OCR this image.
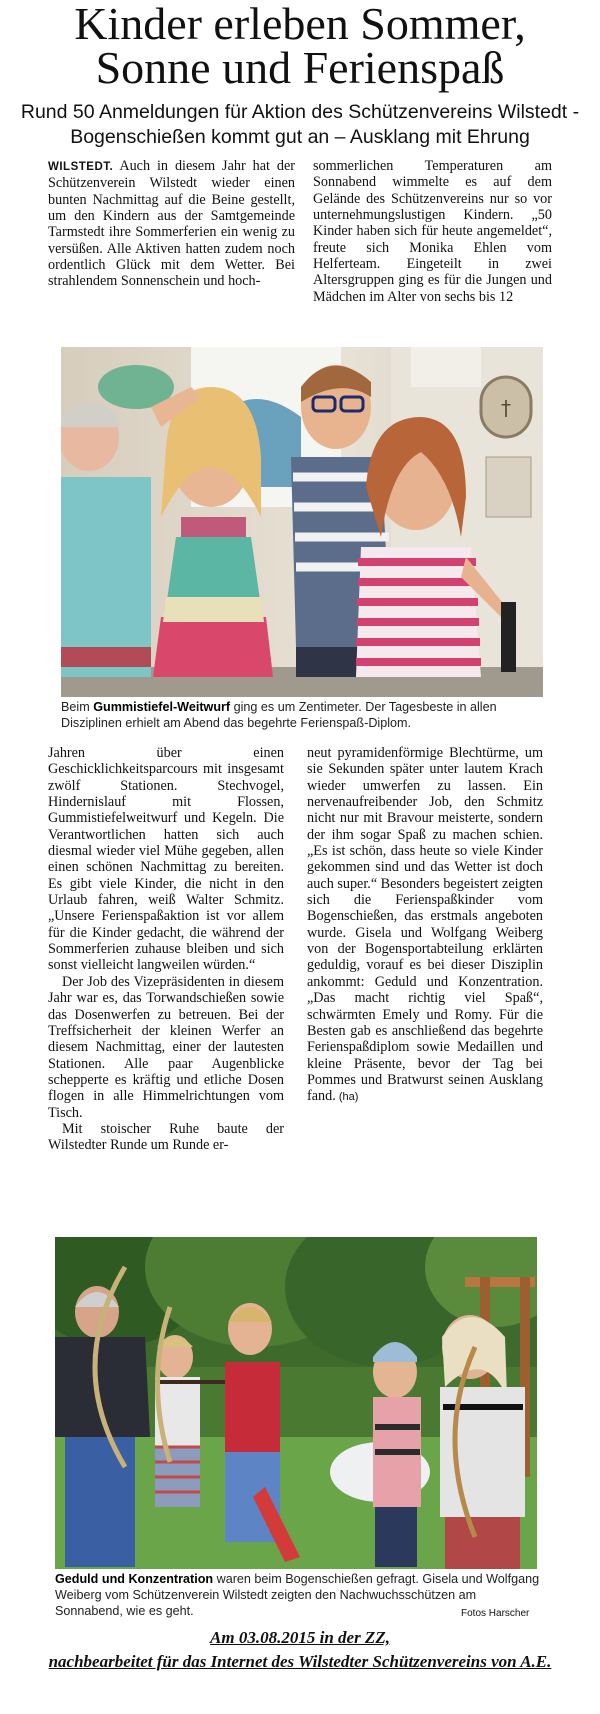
Kinder erleben Sommer,
Sonne und Ferienspaß
Rund 50 Anmeldungen für Aktion des Schützenvereins Wilstedt -
Bogenschießen kommt gut an – Ausklang mit Ehrung

WILSTEDT. Auch in diesem Jahr hat der Schützenverein Wilstedt wieder einen bunten Nachmittag auf die Beine gestellt, um den Kindern aus der Samtgemeinde Tarmstedt ihre Sommerferien ein wenig zu versüßen. Alle Aktiven hatten zudem noch ordentlich Glück mit dem Wetter. Bei strahlendem Sonnenschein und hoch-

sommerlichen Temperaturen am Sonnabend wimmelte es auf dem Gelände des Schützenvereins nur so vor unternehmungslustigen Kindern. „50 Kinder haben sich für heute angemeldet“, freute sich Monika Ehlen vom Helferteam. Eingeteilt in zwei Altersgruppen ging es für die Jungen und Mädchen im Alter von sechs bis 12

†
Beim Gummistiefel-Weitwurf ging es um Zentimeter. Der Tagesbeste in allen Disziplinen erhielt am Abend das begehrte Ferienspaß-Diplom.

Jahren über einen Geschicklichkeitsparcours mit insgesamt zwölf Stationen. Stechvogel, Hindernislauf mit Flossen, Gummistiefelweitwurf und Kegeln. Die Verantwortlichen hatten sich auch diesmal wieder viel Mühe gegeben, allen einen schönen Nachmittag zu bereiten. Es gibt viele Kinder, die nicht in den Urlaub fahren, weiß Walter Schmitz. „Unsere Ferienspaßaktion ist vor allem für die Kinder gedacht, die während der Sommerferien zuhause bleiben und sich sonst vielleicht langweilen würden.“

Der Job des Vizepräsidenten in diesem Jahr war es, das Torwandschießen sowie das Dosenwerfen zu betreuen. Bei der Treffsicherheit der kleinen Werfer an diesem Nachmittag, einer der lautesten Stationen. Alle paar Augenblicke schepperte es kräftig und etliche Dosen flogen in alle Himmelrichtungen vom Tisch.

Mit stoischer Ruhe baute der Wilstedter Runde um Runde er-

neut pyramidenförmige Blechtürme, um sie Sekunden später unter lautem Krach wieder umwerfen zu lassen. Ein nervenaufreibender Job, den Schmitz nicht nur mit Bravour meisterte, sondern der ihm sogar Spaß zu machen schien. „Es ist schön, dass heute so viele Kinder gekommen sind und das Wetter ist doch auch super.“ Besonders begeistert zeigten sich die Ferienspaßkinder vom Bogenschießen, das erstmals angeboten wurde. Gisela und Wolfgang Weiberg von der Bogensportabteilung erklärten geduldig, vorauf es bei dieser Disziplin ankommt: Geduld und Konzentration. „Das macht richtig viel Spaß“, schwärmten Emely und Romy. Für die Besten gab es anschließend das begehrte Ferienspaßdiplom sowie Medaillen und kleine Präsente, bevor der Tag bei Pommes und Bratwurst seinen Ausklang fand. (ha)

Geduld und Konzentration waren beim Bogenschießen gefragt. Gisela und Wolfgang Weiberg vom Schützenverein Wilstedt zeigten den Nachwuchsschützen am Sonnabend, wie es geht.	Fotos Harscher
Am 03.08.2015 in der ZZ,
nachbearbeitet für das Internet des Wilstedter Schützenvereins von A.E.
